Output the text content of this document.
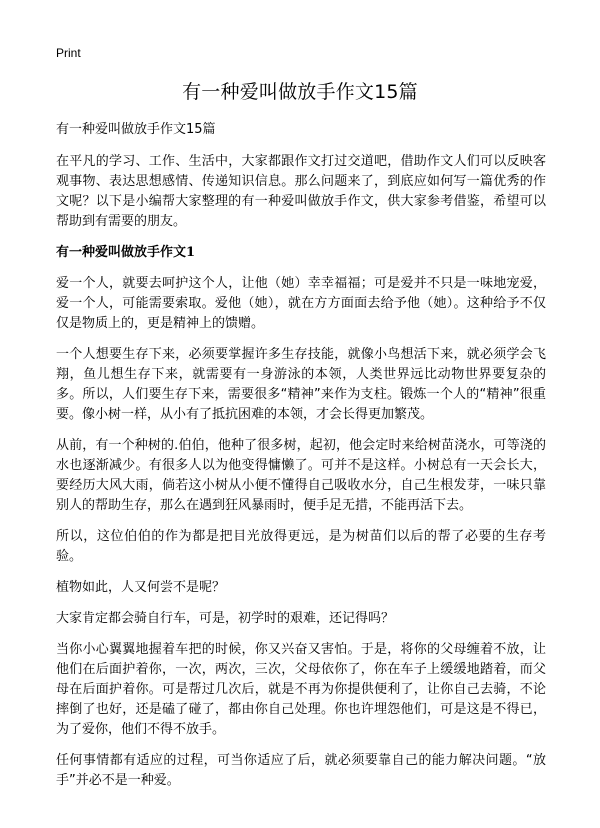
Print
有一种爱叫做放手作文15篇

有一种爱叫做放手作文15篇

在平凡的学习、工作、生活中，大家都跟作文打过交道吧，借助作文人们可以反映客观事物、表达思想感情、传递知识信息。那么问题来了，到底应如何写一篇优秀的作文呢？以下是小编帮大家整理的有一种爱叫做放手作文，供大家参考借鉴，希望可以帮助到有需要的朋友。

有一种爱叫做放手作文1

爱一个人，就要去呵护这个人，让他（她）幸幸福福；可是爱并不只是一味地宠爱，爱一个人，可能需要索取。爱他（她），就在方方面面去给予他（她）。这种给予不仅仅是物质上的，更是精神上的馈赠。

一个人想要生存下来，必须要掌握许多生存技能，就像小鸟想活下来，就必须学会飞翔，鱼儿想生存下来，就需要有一身游泳的本领，人类世界远比动物世界要复杂的多。所以，人们要生存下来，需要很多“精神”来作为支柱。锻炼一个人的“精神”很重要。像小树一样，从小有了抵抗困难的本领，才会长得更加繁茂。

从前，有一个种树的.伯伯，他种了很多树，起初，他会定时来给树苗浇水，可等浇的水也逐渐减少。有很多人以为他变得慵懒了。可并不是这样。小树总有一天会长大，要经历大风大雨，倘若这小树从小便不懂得自己吸收水分，自己生根发芽，一味只靠别人的帮助生存，那么在遇到狂风暴雨时，便手足无措，不能再活下去。

所以，这位伯伯的作为都是把目光放得更远，是为树苗们以后的帮了必要的生存考验。

植物如此，人又何尝不是呢？

大家肯定都会骑自行车，可是，初学时的艰难，还记得吗？

当你小心翼翼地握着车把的时候，你又兴奋又害怕。于是，将你的父母缠着不放，让他们在后面护着你，一次，两次，三次，父母依你了，你在车子上缓缓地踏着，而父母在后面护着你。可是帮过几次后，就是不再为你提供便利了，让你自己去骑，不论摔倒了也好，还是磕了碰了，都由你自己处理。你也许埋怨他们，可是这是不得已，为了爱你，他们不得不放手。

任何事情都有适应的过程，可当你适应了后，就必须要靠自己的能力解决问题。“放手”并必不是一种爱。
